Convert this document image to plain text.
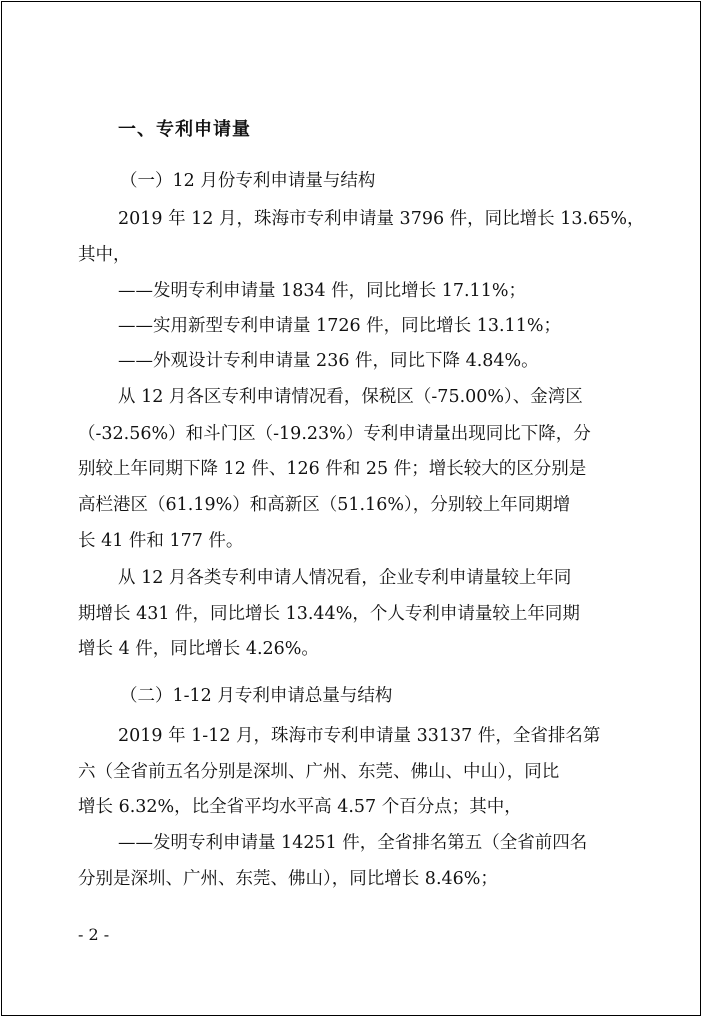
一、专利申请量
（一）12 月份专利申请量与结构
2019 年 12 月，珠海市专利申请量 3796 件，同比增长 13.65%，
其中，
——发明专利申请量 1834 件，同比增长 17.11%；
——实用新型专利申请量 1726 件，同比增长 13.11%；
——外观设计专利申请量 236 件，同比下降 4.84%。
从 12 月各区专利申请情况看，保税区（-75.00%）、金湾区
（-32.56%）和斗门区（-19.23%）专利申请量出现同比下降，分
别较上年同期下降 12 件、126 件和 25 件；增长较大的区分别是
高栏港区（61.19%）和高新区（51.16%），分别较上年同期增
长 41 件和 177 件。
从 12 月各类专利申请人情况看，企业专利申请量较上年同
期增长 431 件，同比增长 13.44%，个人专利申请量较上年同期
增长 4 件，同比增长 4.26%。
（二）1-12 月专利申请总量与结构
2019 年 1-12 月，珠海市专利申请量 33137 件，全省排名第
六（全省前五名分别是深圳、广州、东莞、佛山、中山），同比
增长 6.32%，比全省平均水平高 4.57 个百分点；其中，
——发明专利申请量 14251 件，全省排名第五（全省前四名
分别是深圳、广州、东莞、佛山），同比增长 8.46%；
- 2 -
